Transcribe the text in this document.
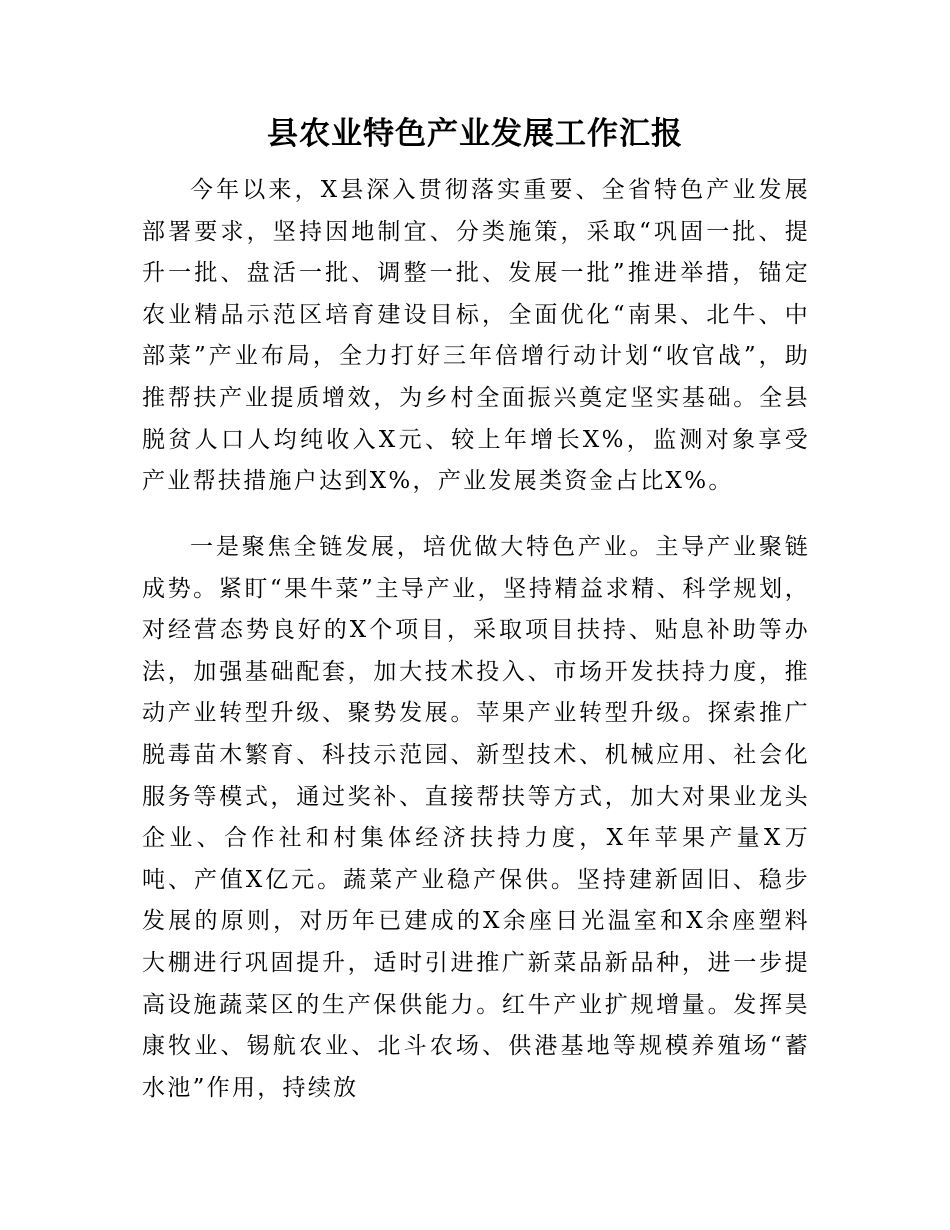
县农业特色产业发展工作汇报

今年以来，X县深入贯彻落实重要、全省特色产业发展部署要求，坚持因地制宜、分类施策，采取“巩固一批、提升一批、盘活一批、调整一批、发展一批”推进举措，锚定农业精品示范区培育建设目标，全面优化“南果、北牛、中部菜”产业布局，全力打好三年倍增行动计划“收官战”，助推帮扶产业提质增效，为乡村全面振兴奠定坚实基础。全县脱贫人口人均纯收入X元、较上年增长X%，监测对象享受产业帮扶措施户达到X%，产业发展类资金占比X%。

一是聚焦全链发展，培优做大特色产业。主导产业聚链成势。紧盯“果牛菜”主导产业，坚持精益求精、科学规划，对经营态势良好的X个项目，采取项目扶持、贴息补助等办法，加强基础配套，加大技术投入、市场开发扶持力度，推动产业转型升级、聚势发展。苹果产业转型升级。探索推广脱毒苗木繁育、科技示范园、新型技术、机械应用、社会化服务等模式，通过奖补、直接帮扶等方式，加大对果业龙头企业、合作社和村集体经济扶持力度，X年苹果产量X万吨、产值X亿元。蔬菜产业稳产保供。坚持建新固旧、稳步发展的原则，对历年已建成的X余座日光温室和X余座塑料大棚进行巩固提升，适时引进推广新菜品新品种，进一步提高设施蔬菜区的生产保供能力。红牛产业扩规增量。发挥昊康牧业、锡航农业、北斗农场、供港基地等规模养殖场“蓄水池”作用，持续放
